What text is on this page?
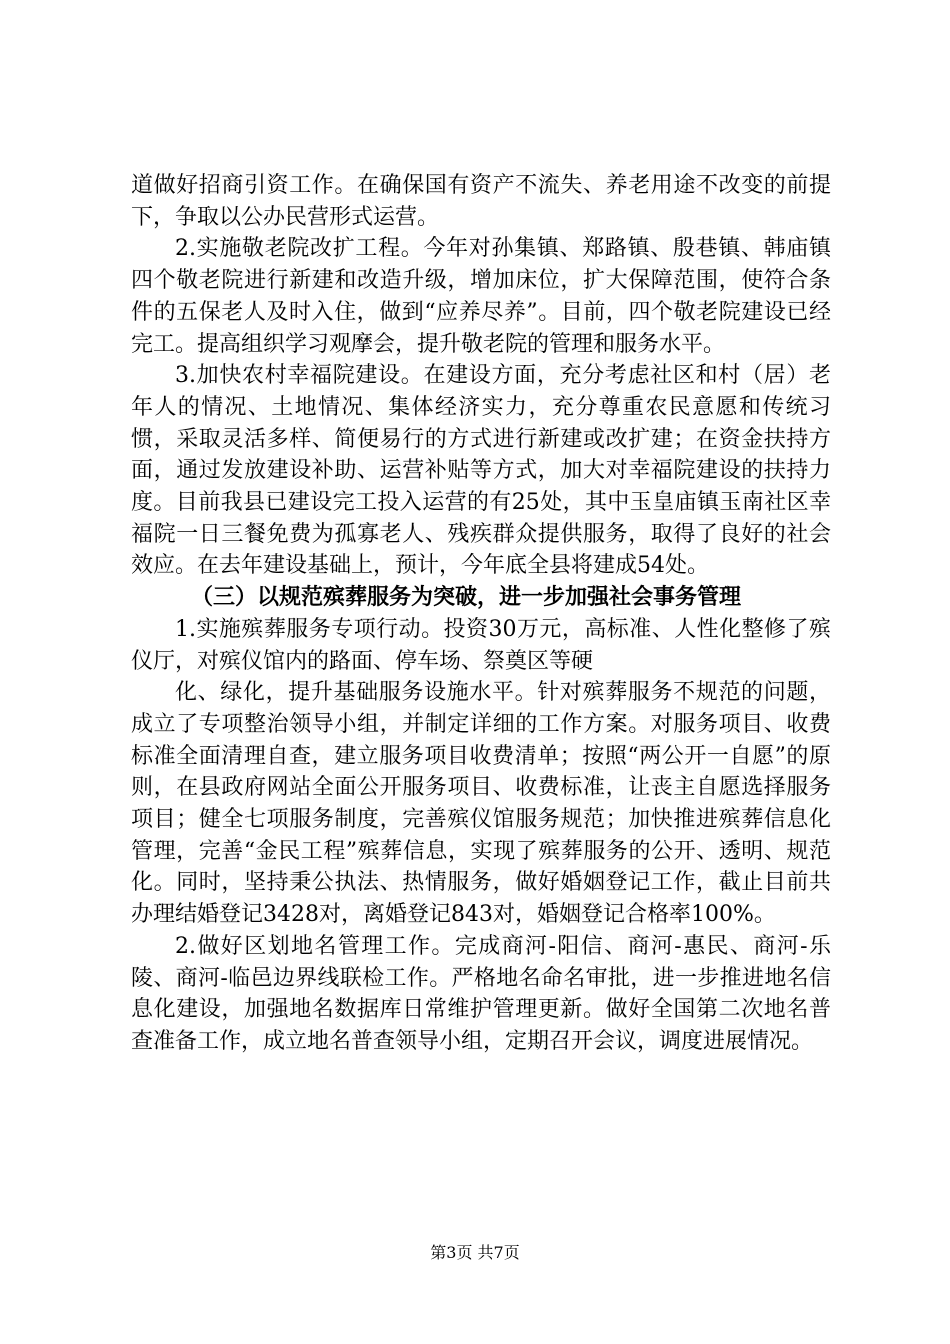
道做好招商引资工作。在确保国有资产不流失、养老用途不改变的前提下，争取以公办民营形式运营。

2.实施敬老院改扩工程。今年对孙集镇、郑路镇、殷巷镇、韩庙镇四个敬老院进行新建和改造升级，增加床位，扩大保障范围，使符合条件的五保老人及时入住，做到“应养尽养”。目前，四个敬老院建设已经完工。提高组织学习观摩会，提升敬老院的管理和服务水平。

3.加快农村幸福院建设。在建设方面，充分考虑社区和村（居）老年人的情况、土地情况、集体经济实力，充分尊重农民意愿和传统习惯，采取灵活多样、简便易行的方式进行新建或改扩建；在资金扶持方面，通过发放建设补助、运营补贴等方式，加大对幸福院建设的扶持力度。目前我县已建设完工投入运营的有25处，其中玉皇庙镇玉南社区幸福院一日三餐免费为孤寡老人、残疾群众提供服务，取得了良好的社会效应。在去年建设基础上，预计，今年底全县将建成54处。

（三）以规范殡葬服务为突破，进一步加强社会事务管理

1.实施殡葬服务专项行动。投资30万元，高标准、人性化整修了殡仪厅，对殡仪馆内的路面、停车场、祭奠区等硬

化、绿化，提升基础服务设施水平。针对殡葬服务不规范的问题，成立了专项整治领导小组，并制定详细的工作方案。对服务项目、收费标准全面清理自查，建立服务项目收费清单；按照“两公开一自愿”的原则，在县政府网站全面公开服务项目、收费标准，让丧主自愿选择服务项目；健全七项服务制度，完善殡仪馆服务规范；加快推进殡葬信息化管理，完善“金民工程”殡葬信息，实现了殡葬服务的公开、透明、规范化。同时，坚持秉公执法、热情服务，做好婚姻登记工作，截止目前共办理结婚登记3428对，离婚登记843对，婚姻登记合格率100%。

2.做好区划地名管理工作。完成商河-阳信、商河-惠民、商河-乐陵、商河-临邑边界线联检工作。严格地名命名审批，进一步推进地名信息化建设，加强地名数据库日常维护管理更新。做好全国第二次地名普查准备工作，成立地名普查领导小组，定期召开会议，调度进展情况。

第3页 共7页
